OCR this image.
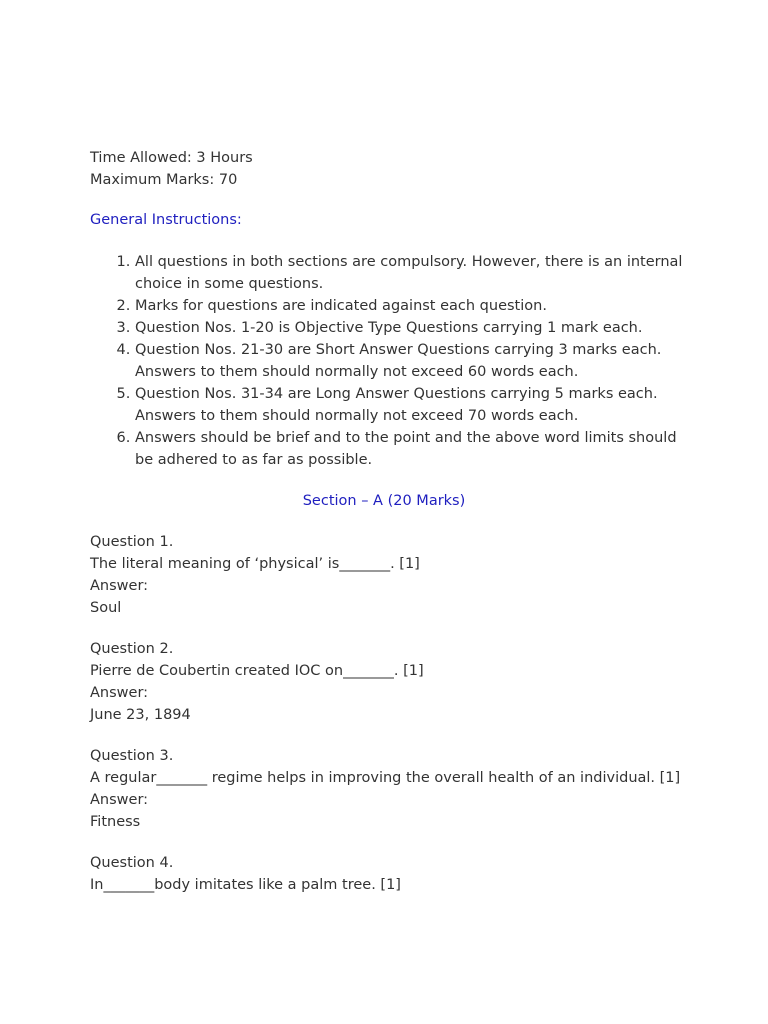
Time Allowed: 3 Hours

Maximum Marks: 70

General Instructions:

1. All questions in both sections are compulsory. However, there is an internal choice in some questions.
2. Marks for questions are indicated against each question.
3. Question Nos. 1-20 is Objective Type Questions carrying 1 mark each.
4. Question Nos. 21-30 are Short Answer Questions carrying 3 marks each. Answers to them should normally not exceed 60 words each.
5. Question Nos. 31-34 are Long Answer Questions carrying 5 marks each. Answers to them should normally not exceed 70 words each.
6. Answers should be brief and to the point and the above word limits should be adhered to as far as possible.

Section – A (20 Marks)

Question 1.

The literal meaning of ‘physical’ is_______. [1]

Answer:

Soul

Question 2.

Pierre de Coubertin created IOC on_______. [1]

Answer:

June 23, 1894

Question 3.

A regular_______ regime helps in improving the overall health of an individual. [1]

Answer:

Fitness

Question 4.

In_______body imitates like a palm tree. [1]
